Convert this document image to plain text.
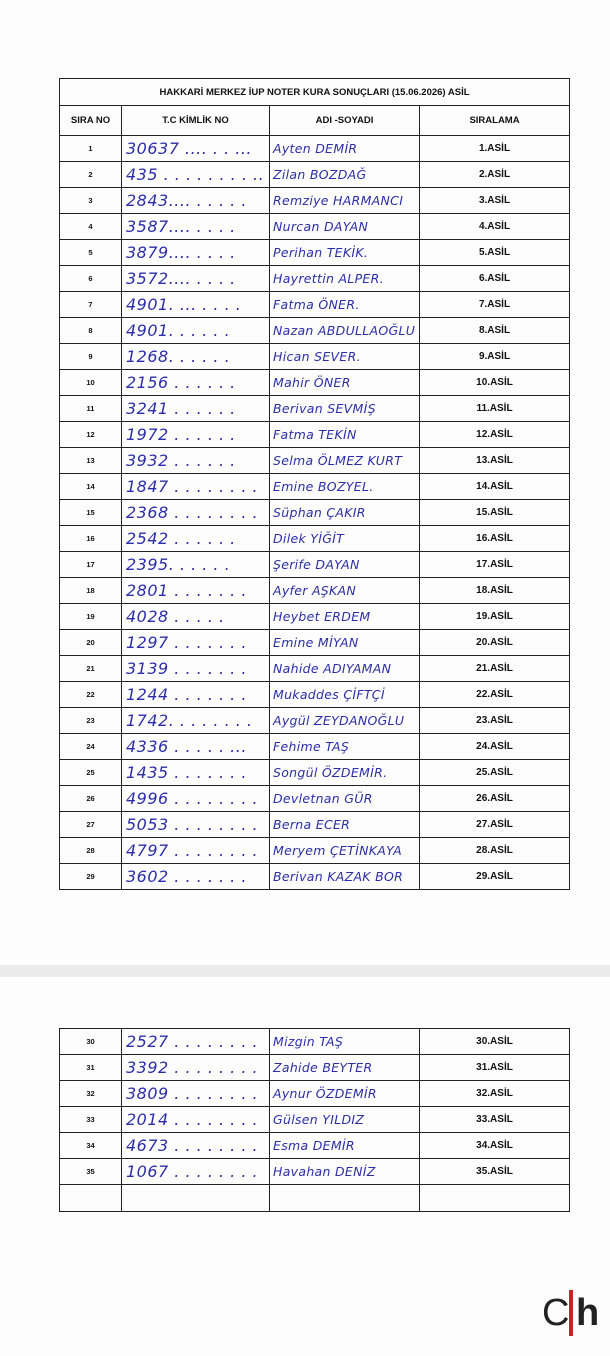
HAKKARİ MERKEZ İUP NOTER KURA SONUÇLARI (15.06.2026) ASİL			
SIRA NO	T.C KİMLİK NO	ADI -SOYADI	SIRALAMA
1	30637 .... . . ...	Ayten DEMİR	1.ASİL
2	435 . . . . . . . . ..	Zilan BOZDAĞ	2.ASİL
3	2843.... . . . . .	Remziye HARMANCI	3.ASİL
4	3587.... . . . .	Nurcan DAYAN	4.ASİL
5	3879.... . . . .	Perihan TEKİK.	5.ASİL
6	3572.... . . . .	Hayrettin ALPER.	6.ASİL
7	4901. ... . . . .	Fatma ÖNER.	7.ASİL
8	4901. . . . . .	Nazan ABDULLAOĞLU	8.ASİL
9	1268. . . . . .	Hican SEVER.	9.ASİL
10	2156 . . . . . .	Mahir ÖNER	10.ASİL
11	3241 . . . . . .	Berivan SEVMİŞ	11.ASİL
12	1972 . . . . . .	Fatma TEKİN	12.ASİL
13	3932 . . . . . .	Selma ÖLMEZ KURT	13.ASİL
14	1847 . . . . . . . .	Emine BOZYEL.	14.ASİL
15	2368 . . . . . . . .	Süphan ÇAKIR	15.ASİL
16	2542 . . . . . .	Dilek YİĞİT	16.ASİL
17	2395. . . . . .	Şerife DAYAN	17.ASİL
18	2801 . . . . . . .	Ayfer AŞKAN	18.ASİL
19	4028 . . . . .	Heybet ERDEM	19.ASİL
20	1297 . . . . . . .	Emine MİYAN	20.ASİL
21	3139 . . . . . . .	Nahide ADIYAMAN	21.ASİL
22	1244 . . . . . . .	Mukaddes ÇİFTÇİ	22.ASİL
23	1742. . . . . . . .	Aygül ZEYDANOĞLU	23.ASİL
24	4336 . . . . . ...	Fehime TAŞ	24.ASİL
25	1435 . . . . . . .	Songül ÖZDEMİR.	25.ASİL
26	4996 . . . . . . . .	Devletnan GÜR	26.ASİL
27	5053 . . . . . . . .	Berna ECER	27.ASİL
28	4797 . . . . . . . .	Meryem ÇETİNKAYA	28.ASİL
29	3602 . . . . . . .	Berivan KAZAK BOR	29.ASİL
30	2527 . . . . . . . .	Mizgin TAŞ	30.ASİL
31	3392 . . . . . . . .	Zahide BEYTER	31.ASİL
32	3809 . . . . . . . .	Aynur ÖZDEMİR	32.ASİL
33	2014 . . . . . . . .	Gülsen YILDIZ	33.ASİL
34	4673 . . . . . . . .	Esma DEMİR	34.ASİL
35	1067 . . . . . . . .	Havahan DENİZ	35.ASİL

C h
